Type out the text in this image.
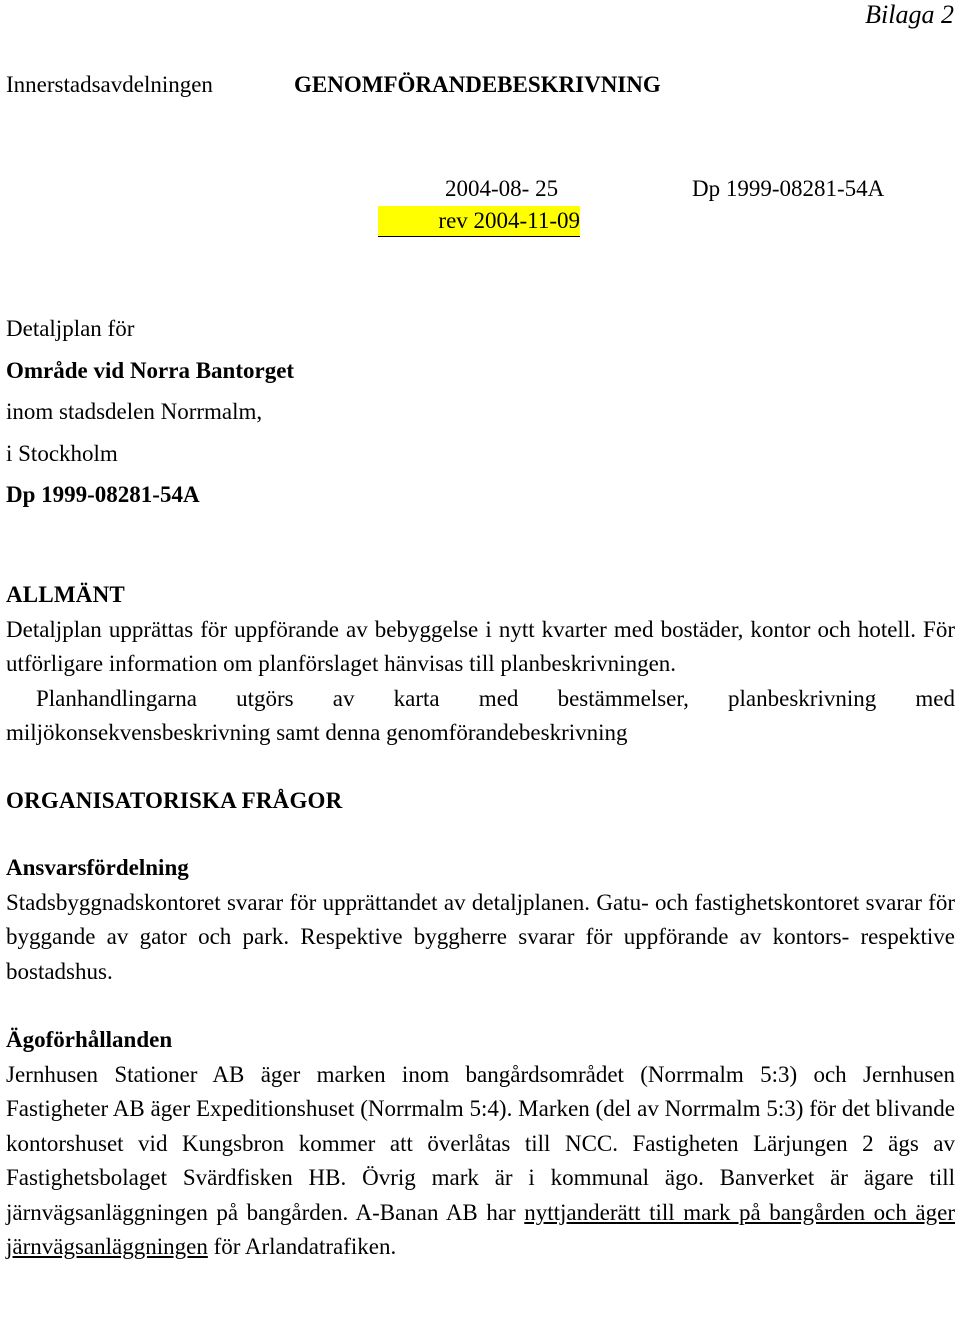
Bilaga 2
Innerstadsavdelningen	GENOMFÖRANDEBESKRIVNING
2004-08- 25
rev 2004-11-09
Dp 1999-08281-54A
Detaljplan för
Område vid Norra Bantorget
inom stadsdelen Norrmalm,
i Stockholm
Dp 1999-08281-54A
ALLMÄNT

Detaljplan upprättas för uppförande av bebyggelse i nytt kvarter med bostäder, kontor och hotell. För utförligare information om planförslaget hänvisas till planbeskrivningen.

Planhandlingarna utgörs av karta med bestämmelser, planbeskrivning med miljökonsekvensbeskrivning samt denna genomförandebeskrivning

ORGANISATORISKA FRÅGOR
Ansvarsfördelning

Stadsbyggnadskontoret svarar för upprättandet av detaljplanen. Gatu- och fastighetskontoret svarar för byggande av gator och park. Respektive byggherre svarar för uppförande av kontors- respektive bostadshus.

Ägoförhållanden

Jernhusen Stationer AB äger marken inom bangårdsområdet (Norrmalm 5:3) och Jernhusen Fastigheter AB äger Expeditionshuset (Norrmalm 5:4). Marken (del av Norrmalm 5:3) för det blivande kontorshuset vid Kungsbron kommer att överlåtas till NCC. Fastigheten Lärjungen 2 ägs av Fastighetsbolaget Svärdfisken HB. Övrig mark är i kommunal ägo. Banverket är ägare till järnvägsanläggningen på bangården. A-Banan AB har nyttjanderätt till mark på bangården och äger järnvägsanläggningen för Arlandatrafiken.
